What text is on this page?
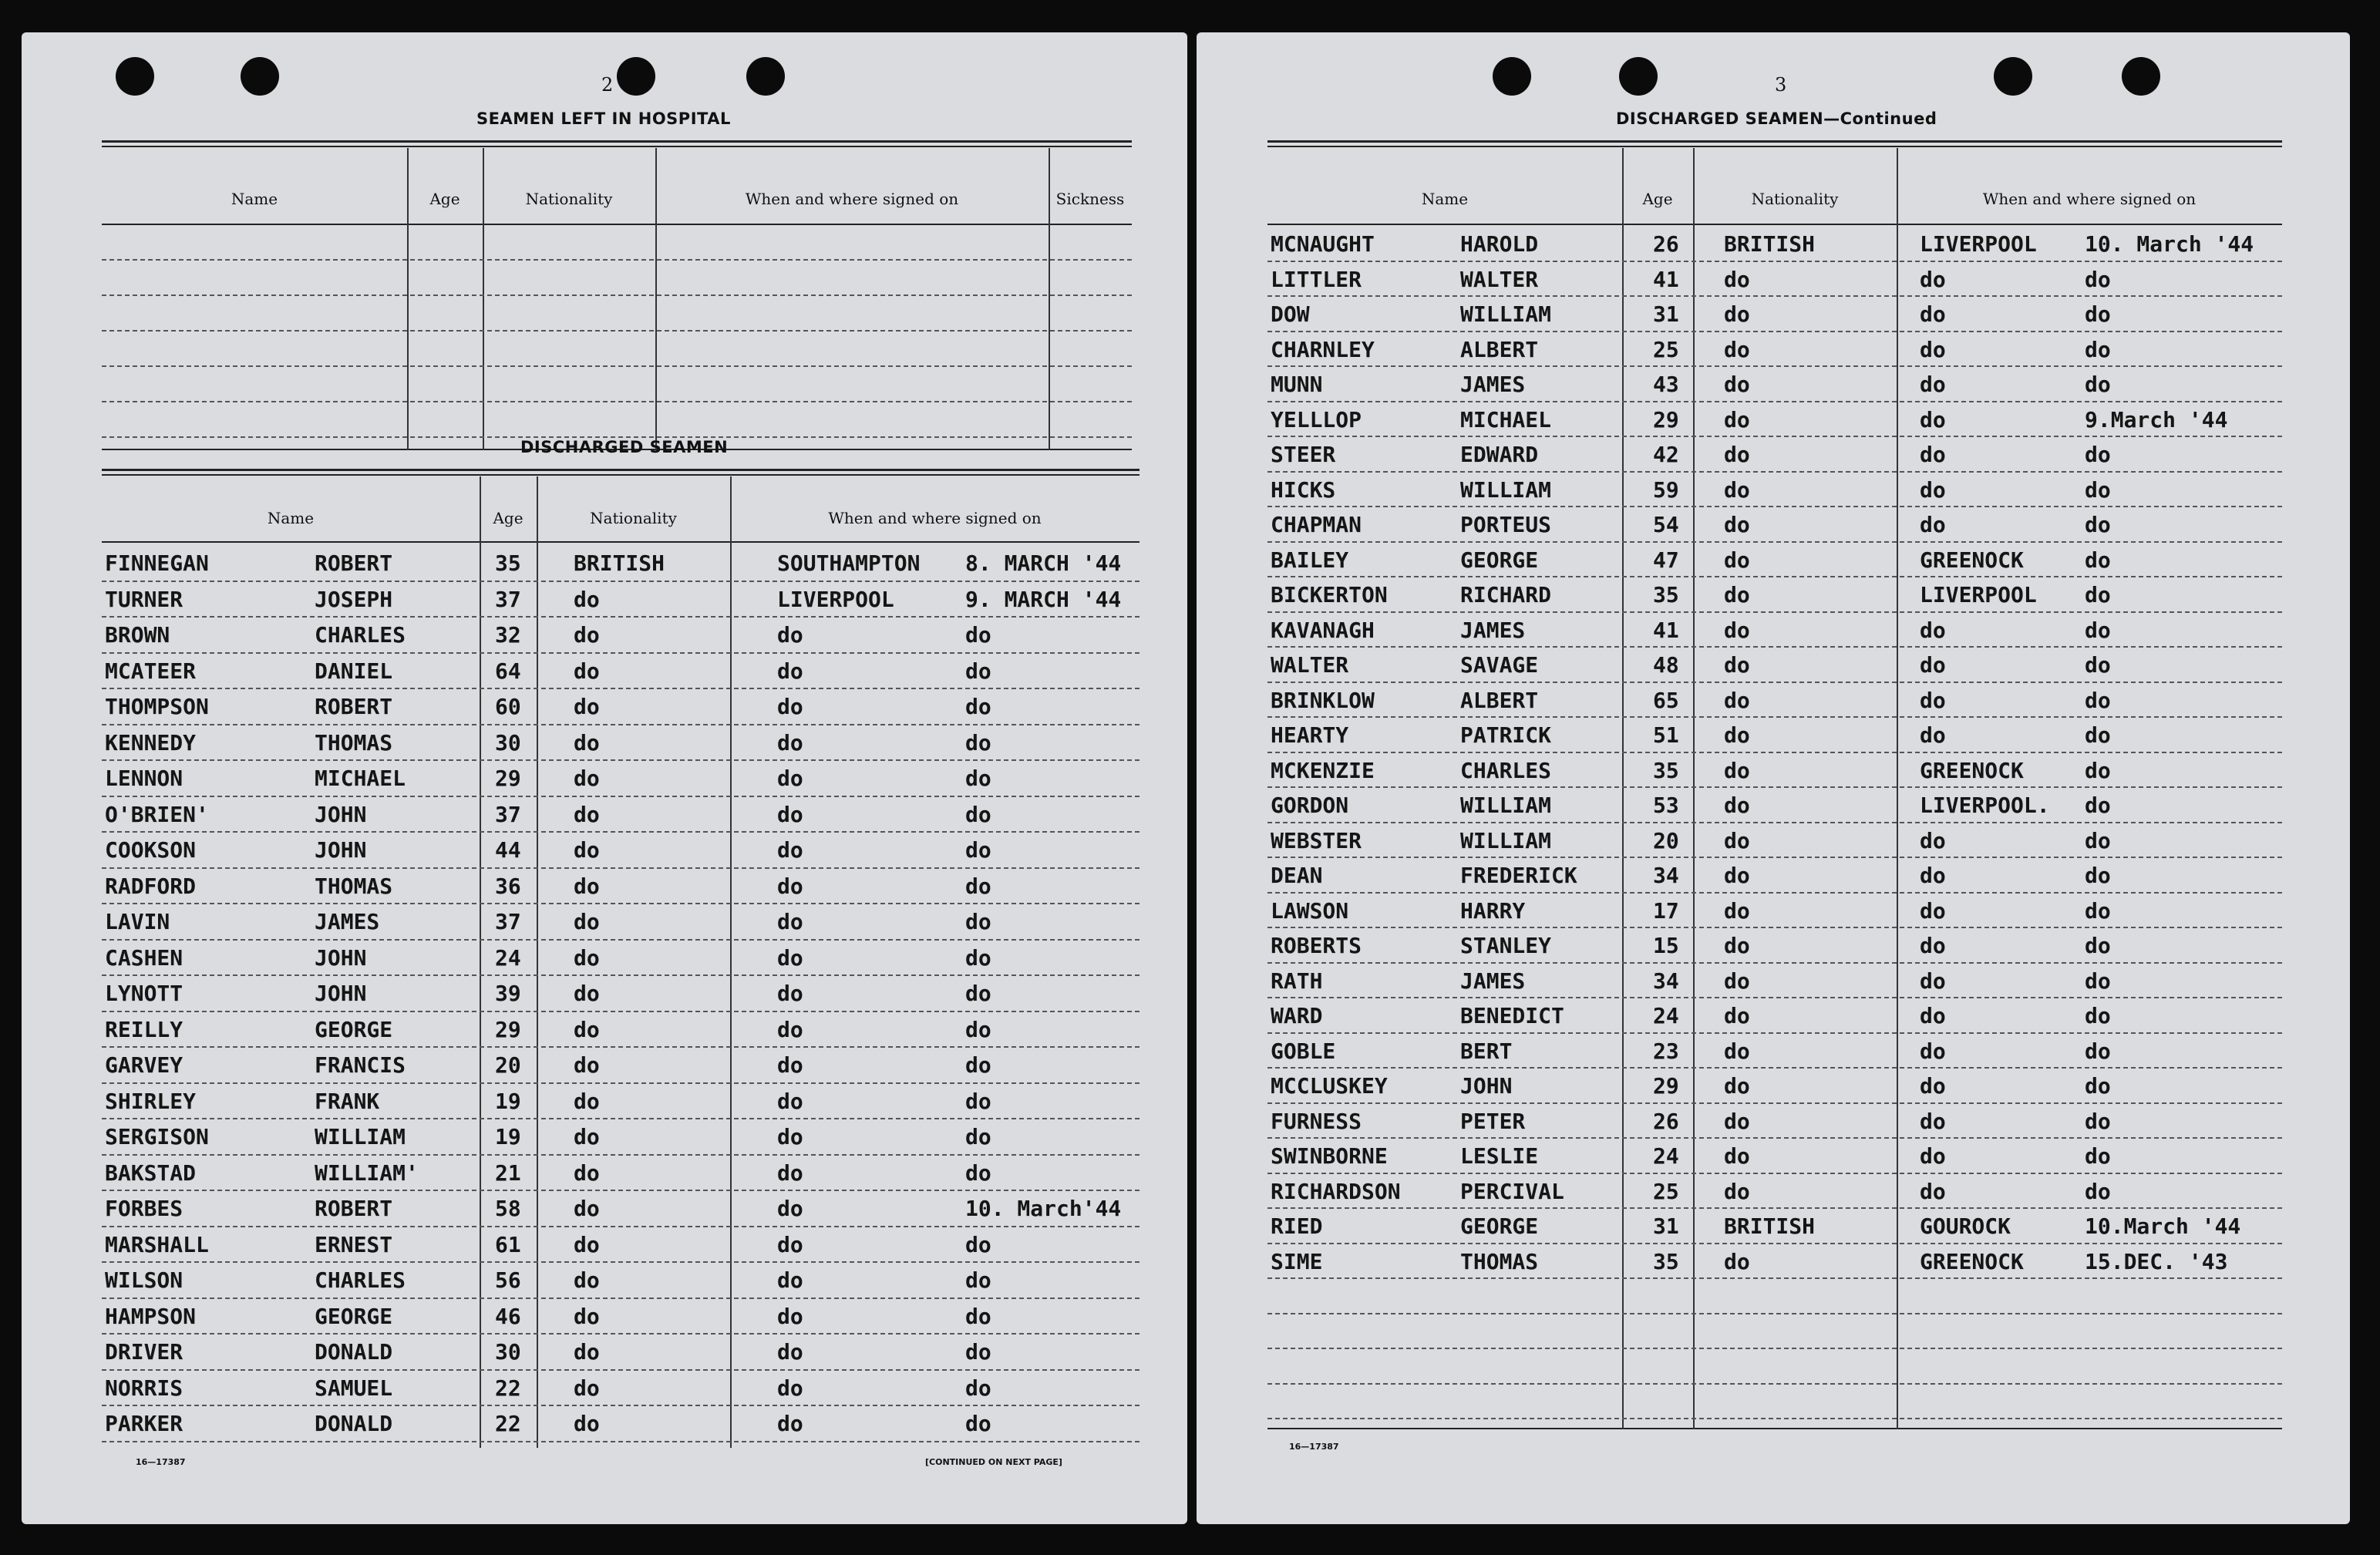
2
SEAMEN LEFT IN HOSPITAL
Name	Age	Nationality	When and where signed on	Sickness
DISCHARGED SEAMEN
Name	Age	Nationality	When and where signed on
FINNEGAN	ROBERT	35 BRITISH	SOUTHAMPTON 8. MARCH '44
TURNER	JOSEPH	37 do	LIVERPOOL	9. MARCH '44
BROWN	CHARLES	32 do	do	do
MCATEER	DANIEL	64 do	do	do
THOMPSON	ROBERT	60 do	do	do
KENNEDY	THOMAS	30 do	do	do
LENNON	MICHAEL	29 do	do	do
O'BRIEN'	JOHN	37 do	do	do
COOKSON	JOHN	44 do	do	do
RADFORD	THOMAS	36 do	do	do
LAVIN	JAMES	37 do	do	do
CASHEN	JOHN	24 do	do	do
LYNOTT	JOHN	39 do	do	do
REILLY	GEORGE	29 do	do	do
GARVEY	FRANCIS	20 do	do	do
SHIRLEY	FRANK	19 do	do	do
SERGISON	WILLIAM	19 do	do	do
BAKSTAD	WILLIAM'	21 do	do	do
FORBES	ROBERT	58 do	do	10. March'44
MARSHALL	ERNEST	61 do	do	do
WILSON	CHARLES	56 do	do	do
HAMPSON	GEORGE	46 do	do	do
DRIVER	DONALD	30 do	do	do
NORRIS	SAMUEL	22 do	do	do
PARKER	DONALD	22 do	do	do
16—17387	[CONTINUED ON NEXT PAGE]
3
DISCHARGED SEAMEN—Continued
Name	Age	Nationality	When and where signed on
MCNAUGHT	HAROLD	26 BRITISH	LIVERPOOL 10. March '44
LITTLER	WALTER	41 do	do	do
DOW	WILLIAM	31 do	do	do
CHARNLEY	ALBERT	25 do	do	do
MUNN	JAMES	43 do	do	do
YELLLOP	MICHAEL	29 do	do	9.March '44
STEER	EDWARD	42 do	do	do
HICKS	WILLIAM	59 do	do	do
CHAPMAN	PORTEUS	54 do	do	do
BAILEY	GEORGE	47 do	GREENOCK	do
BICKERTON	RICHARD	35 do	LIVERPOOL do
KAVANAGH	JAMES	41 do	do	do
WALTER	SAVAGE	48 do	do	do
BRINKLOW	ALBERT	65 do	do	do
HEARTY	PATRICK	51 do	do	do
MCKENZIE	CHARLES	35 do	GREENOCK	do
GORDON	WILLIAM	53 do	LIVERPOOL. do
WEBSTER	WILLIAM	20 do	do	do
DEAN	FREDERICK	34 do	do	do
LAWSON	HARRY	17 do	do	do
ROBERTS	STANLEY	15 do	do	do
RATH	JAMES	34 do	do	do
WARD	BENEDICT	24 do	do	do
GOBLE	BERT	23 do	do	do
MCCLUSKEY	JOHN	29 do	do	do
FURNESS	PETER	26 do	do	do
SWINBORNE	LESLIE	24 do	do	do
RICHARDSON	PERCIVAL	25 do	do	do
RIED	GEORGE	31 BRITISH	GOUROCK	10.March '44
SIME	THOMAS	35 do	GREENOCK	15.DEC. '43
16—17387
